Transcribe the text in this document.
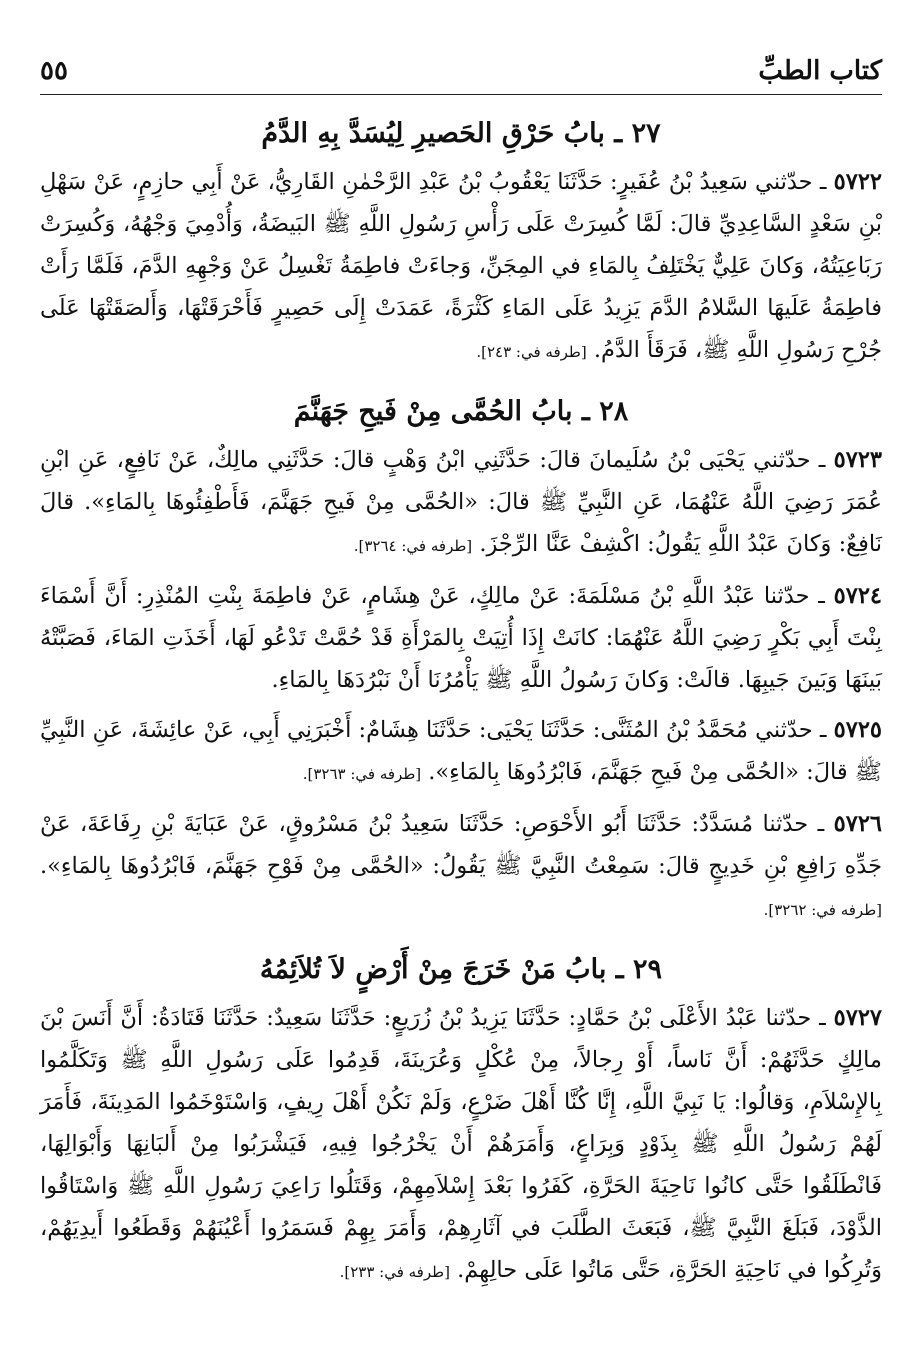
كتاب الطبِّ
٥٥
٢٧ ـ بابُ حَرْقِ الحَصيرِ لِيُسَدَّ بِهِ الدَّمُ

٥٧٢٢ ـ حدّثني سَعِيدُ بْنُ عُفَيرٍ: حَدَّثَنَا يَعْقُوبُ بْنُ عَبْدِ الرَّحْمٰنِ القَارِيُّ، عَنْ أَبِي حازِمٍ، عَنْ سَهْلِ بْنِ سَعْدٍ السَّاعِدِيِّ قالَ: لَمَّا كُسِرَتْ عَلَى رَأْسِ رَسُولِ اللَّهِ ﷺ البَيضَةُ، وَأُدْمِيَ وَجْهُهُ، وَكُسِرَتْ رَبَاعِيَتُهُ، وَكانَ عَلِيٌّ يَخْتَلِفُ بِالمَاءِ في المِجَنِّ، وَجاءَتْ فاطِمَةُ تَغْسِلُ عَنْ وَجْهِهِ الدَّمَ، فَلَمَّا رَأَتْ فاطِمَةُ عَلَيهَا السَّلامُ الدَّمَ يَزِيدُ عَلَى المَاءِ كَثْرَةً، عَمَدَتْ إِلَى حَصِيرٍ فَأَحْرَقَتْهَا، وَأَلصَقَتْهَا عَلَى جُرْحِ رَسُولِ اللَّهِ ﷺ، فَرَقَأَ الدَّمُ. [طرفه في: ٢٤٣].

٢٨ ـ بابُ الحُمَّى مِنْ فَيحِ جَهَنَّمَ

٥٧٢٣ ـ حدّثني يَحْيَى بْنُ سُلَيمانَ قالَ: حَدَّثَنِي ابْنُ وَهْبٍ قالَ: حَدَّثَنِي مالِكٌ، عَنْ نَافِعٍ، عَنِ ابْنِ عُمَرَ رَضِيَ اللَّهُ عَنْهُمَا، عَنِ النَّبِيِّ ﷺ قالَ: «الحُمَّى مِنْ فَيحِ جَهَنَّمَ، فَأَطْفِئُوهَا بِالمَاءِ». قالَ نَافِعٌ: وَكانَ عَبْدُ اللَّهِ يَقُولُ: اكْشِفْ عَنَّا الرِّجْزَ. [طرفه في: ٣٢٦٤].

٥٧٢٤ ـ حدّثنا عَبْدُ اللَّهِ بْنُ مَسْلَمَةَ: عَنْ مالِكٍ، عَنْ هِشَامٍ، عَنْ فاطِمَةَ بِنْتِ المُنْذِرِ: أَنَّ أَسْمَاءَ بِنْتَ أَبِي بَكْرٍ رَضِيَ اللَّهُ عَنْهُمَا: كانَتْ إِذَا أُتِيَتْ بِالمَرْأَةِ قَدْ حُمَّتْ تَدْعُو لَهَا، أَخَذَتِ المَاءَ، فَصَبَّتْهُ بَينَهَا وَبَينَ جَيبِهَا. قالَتْ: وَكانَ رَسُولُ اللَّهِ ﷺ يَأْمُرُنَا أَنْ نَبْرُدَهَا بِالمَاءِ.

٥٧٢٥ ـ حدّثني مُحَمَّدُ بْنُ المُثَنَّى: حَدَّثَنَا يَحْيَى: حَدَّثَنَا هِشَامٌ: أَخْبَرَنِي أَبِي، عَنْ عائِشَةَ، عَنِ النَّبِيِّ ﷺ قالَ: «الحُمَّى مِنْ فَيحِ جَهَنَّمَ، فَابْرُدُوهَا بِالمَاءِ». [طرفه في: ٣٢٦٣].

٥٧٢٦ ـ حدّثنا مُسَدَّدٌ: حَدَّثَنَا أَبُو الأَحْوَصِ: حَدَّثَنَا سَعِيدُ بْنُ مَسْرُوقٍ، عَنْ عَبَايَةَ بْنِ رِفَاعَةَ، عَنْ جَدِّهِ رَافِعِ بْنِ خَدِيجٍ قالَ: سَمِعْتُ النَّبِيَّ ﷺ يَقُولُ: «الحُمَّى مِنْ فَوْحِ جَهَنَّمَ، فَابْرُدُوهَا بِالمَاءِ». [طرفه في: ٣٢٦٢].

٢٩ ـ بابُ مَنْ خَرَجَ مِنْ أَرْضٍ لاَ تُلاَئِمُهُ

٥٧٢٧ ـ حدّثنا عَبْدُ الأَعْلَى بْنُ حَمَّادٍ: حَدَّثَنَا يَزِيدُ بْنُ زُرَيعٍ: حَدَّثَنَا سَعِيدٌ: حَدَّثَنَا قَتَادَةُ: أَنَّ أَنَسَ بْنَ مالِكٍ حَدَّثَهُمْ: أَنَّ نَاساً، أَوْ رِجالاً، مِنْ عُكْلٍ وَعُرَينَةَ، قَدِمُوا عَلَى رَسُولِ اللَّهِ ﷺ وَتَكَلَّمُوا بِالإِسْلاَمِ، وَقالُوا: يَا نَبِيَّ اللَّهِ، إِنَّا كُنَّا أَهْلَ ضَرْعٍ، وَلَمْ نَكُنْ أَهْلَ رِيفٍ، وَاسْتَوْخَمُوا المَدِينَةَ، فَأَمَرَ لَهُمْ رَسُولُ اللَّهِ ﷺ بِذَوْدٍ وَبِرَاعٍ، وَأَمَرَهُمْ أَنْ يَخْرُجُوا فِيهِ، فَيَشْرَبُوا مِنْ أَلبَانِهَا وَأَبْوَالِهَا، فَانْطَلَقُوا حَتَّى كانُوا نَاحِيَةَ الحَرَّةِ، كَفَرُوا بَعْدَ إِسْلاَمِهِمْ، وَقَتَلُوا رَاعِيَ رَسُولِ اللَّهِ ﷺ وَاسْتَاقُوا الذَّوْدَ، فَبَلَغَ النَّبِيَّ ﷺ، فَبَعَثَ الطَّلَبَ في آثَارِهِمْ، وَأَمَرَ بِهِمْ فَسَمَرُوا أَعْيُنَهُمْ وَقَطَعُوا أَيدِيَهُمْ، وَتُرِكُوا في نَاحِيَةِ الحَرَّةِ، حَتَّى مَاتُوا عَلَى حالِهِمْ. [طرفه في: ٢٣٣].
